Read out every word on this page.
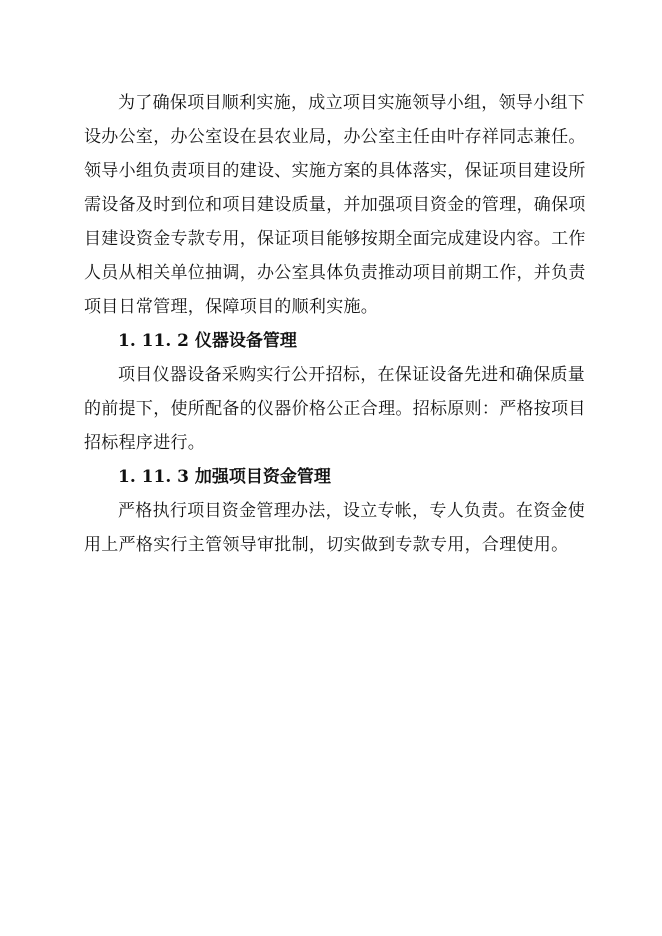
为了确保项目顺利实施，成立项目实施领导小组，领导小组下
设办公室，办公室设在县农业局，办公室主任由叶存祥同志兼任。
领导小组负责项目的建设、实施方案的具体落实，保证项目建设所
需设备及时到位和项目建设质量，并加强项目资金的管理，确保项
目建设资金专款专用，保证项目能够按期全面完成建设内容。工作
人员从相关单位抽调，办公室具体负责推动项目前期工作，并负责
项目日常管理，保障项目的顺利实施。
1. 11. 2 仪器设备管理
项目仪器设备采购实行公开招标，在保证设备先进和确保质量
的前提下，使所配备的仪器价格公正合理。招标原则：严格按项目
招标程序进行。
1. 11. 3 加强项目资金管理
严格执行项目资金管理办法，设立专帐，专人负责。在资金使
用上严格实行主管领导审批制，切实做到专款专用，合理使用。
